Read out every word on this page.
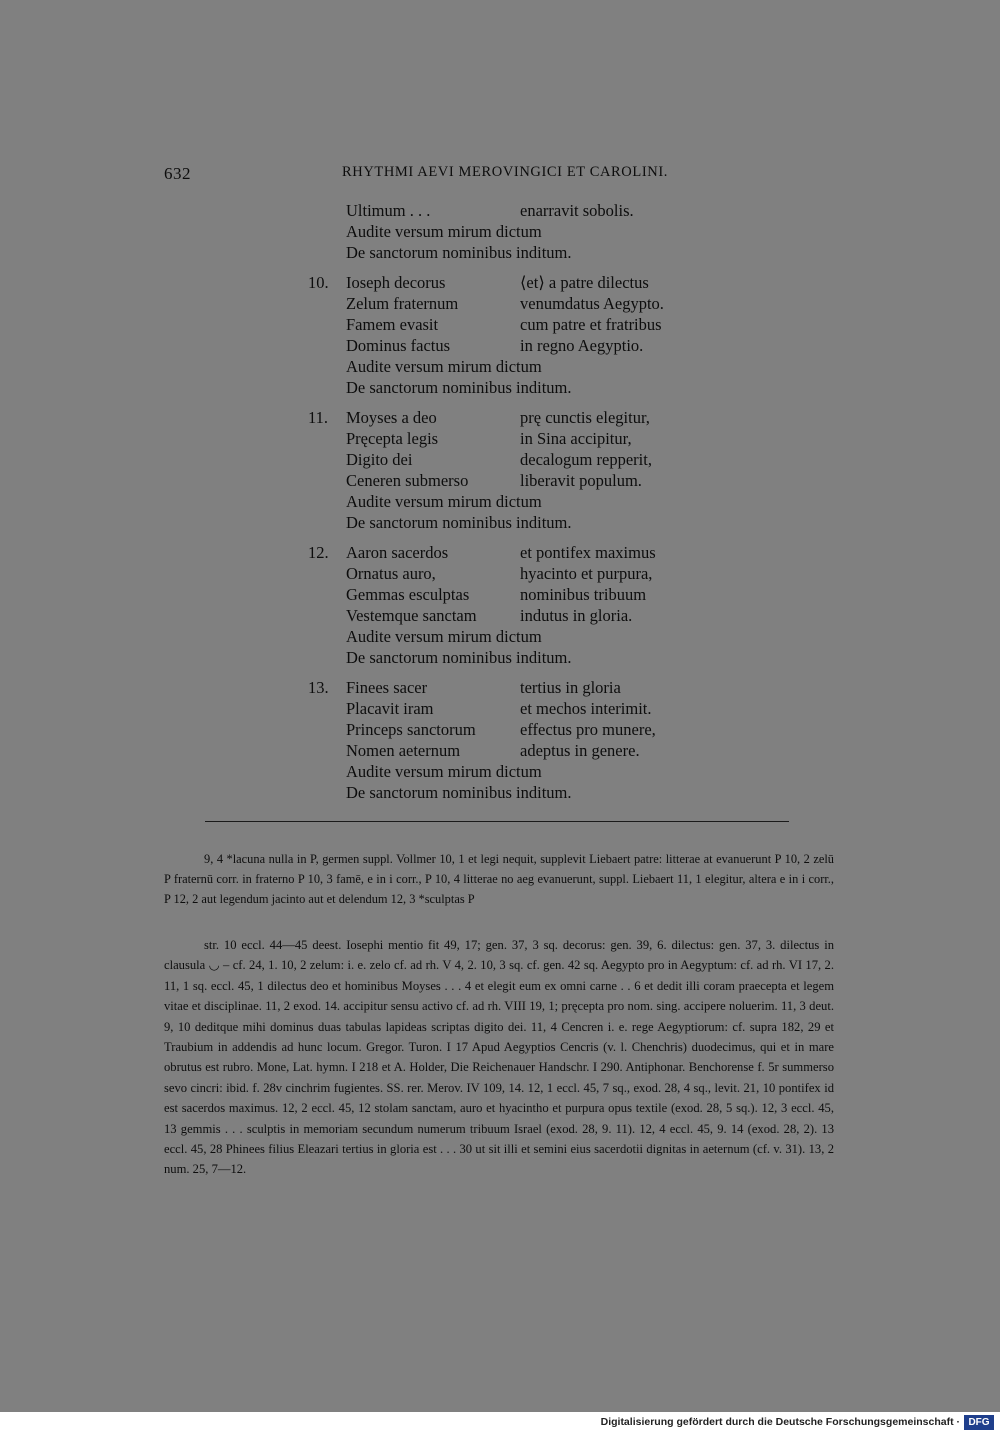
632	RHYTHMI AEVI MEROVINGICI ET CAROLINI.
Ultimum . . .	enarravit sobolis.
Audite versum mirum dictum
De sanctorum nominibus inditum.
10. Ioseph decorus	⟨et⟩ a patre dilectus
Zelum fraternum	venumdatus Aegypto.
Famem evasit	cum patre et fratribus
Dominus factus	in regno Aegyptio.
Audite versum mirum dictum
De sanctorum nominibus inditum.
11. Moyses a deo	prę cunctis elegitur,
Pręcepta legis	in Sina accipitur,
Digito dei	decalogum repperit,
Ceneren submerso	liberavit populum.
Audite versum mirum dictum
De sanctorum nominibus inditum.
12. Aaron sacerdos	et pontifex maximus
Ornatus auro,	hyacinto et purpura,
Gemmas esculptas	nominibus tribuum
Vestemque sanctam	indutus in gloria.
Audite versum mirum dictum
De sanctorum nominibus inditum.
13. Finees sacer	tertius in gloria
Placavit iram	et mechos interimit.
Princeps sanctorum	effectus pro munere,
Nomen aeternum	adeptus in genere.
Audite versum mirum dictum
De sanctorum nominibus inditum.
9, 4 *lacuna nulla in P, germen suppl. Vollmer 10, 1 et legi nequit, supplevit Liebaert patre: litterae at evanuerunt P 10, 2 zelū P fraternū corr. in fraterno P 10, 3 famē, e in i corr., P 10, 4 litterae no aeg evanuerunt, suppl. Liebaert 11, 1 elegitur, altera e in i corr., P 12, 2 aut legendum jacinto aut et delendum 12, 3 *sculptas P
str. 10 eccl. 44—45 deest. Iosephi mentio fit 49, 17; gen. 37, 3 sq. decorus: gen. 39, 6. dilectus: gen. 37, 3. dilectus in clausula ◡ – cf. 24, 1. 10, 2 zelum: i. e. zelo cf. ad rh. V 4, 2. 10, 3 sq. cf. gen. 42 sq. Aegypto pro in Aegyptum: cf. ad rh. VI 17, 2. 11, 1 sq. eccl. 45, 1 dilectus deo et hominibus Moyses . . . 4 et elegit eum ex omni carne . . 6 et dedit illi coram praecepta et legem vitae et disciplinae. 11, 2 exod. 14. accipitur sensu activo cf. ad rh. VIII 19, 1; pręcepta pro nom. sing. accipere noluerim. 11, 3 deut. 9, 10 deditque mihi dominus duas tabulas lapideas scriptas digito dei. 11, 4 Cencren i. e. rege Aegyptiorum: cf. supra 182, 29 et Traubium in addendis ad hunc locum. Gregor. Turon. I 17 Apud Aegyptios Cencris (v. l. Chenchris) duodecimus, qui et in mare obrutus est rubro. Mone, Lat. hymn. I 218 et A. Holder, Die Reichenauer Handschr. I 290. Antiphonar. Benchorense f. 5r summerso sevo cincri: ibid. f. 28v cinchrim fugientes. SS. rer. Merov. IV 109, 14. 12, 1 eccl. 45, 7 sq., exod. 28, 4 sq., levit. 21, 10 pontifex id est sacerdos maximus. 12, 2 eccl. 45, 12 stolam sanctam, auro et hyacintho et purpura opus textile (exod. 28, 5 sq.). 12, 3 eccl. 45, 13 gemmis . . . sculptis in memoriam secundum numerum tribuum Israel (exod. 28, 9. 11). 12, 4 eccl. 45, 9. 14 (exod. 28, 2). 13 eccl. 45, 28 Phinees filius Eleazari tertius in gloria est . . . 30 ut sit illi et semini eius sacerdotii dignitas in aeternum (cf. v. 31). 13, 2 num. 25, 7—12.
Digitalisierung gefördert durch die Deutsche Forschungsgemeinschaft · DFG
